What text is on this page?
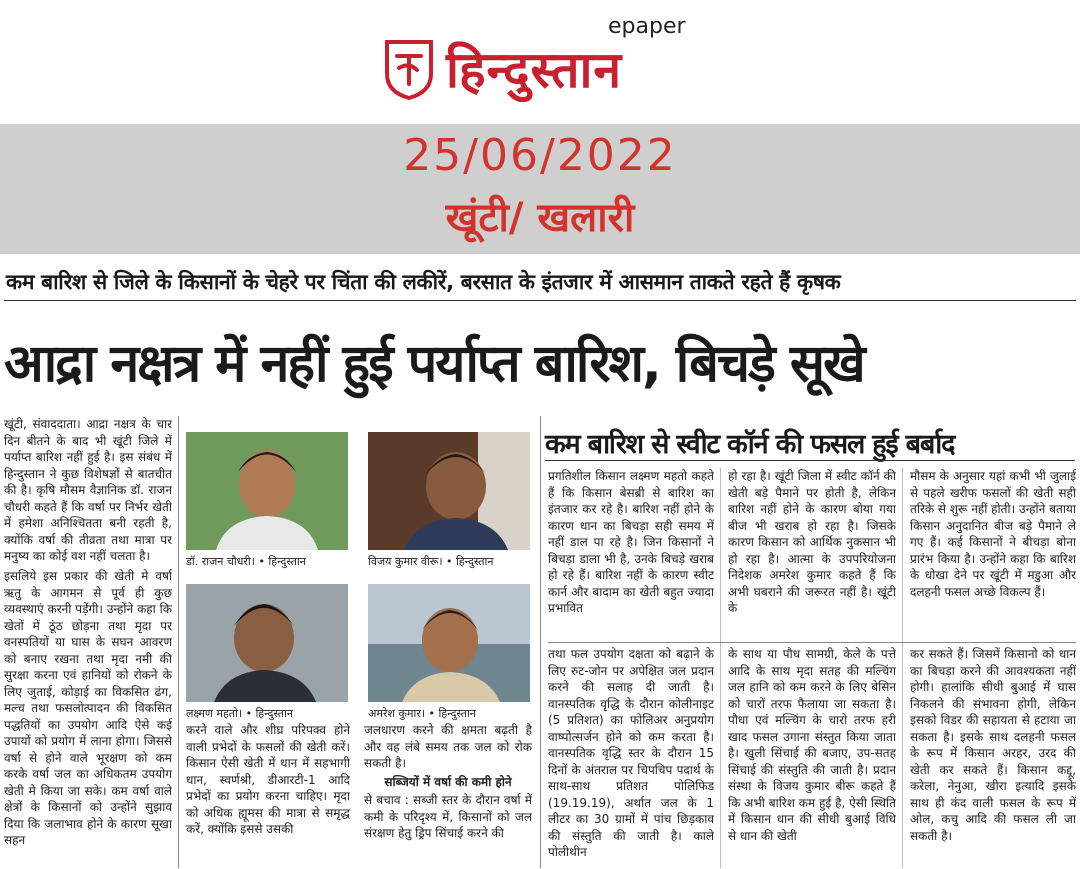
हिन्दुस्तान
epaper
25/06/2022
खूंटी/ खलारी
कम बारिश से जिले के किसानों के चेहरे पर चिंता की लकीरें, बरसात के इंतजार में आसमान ताकते रहते हैं कृषक
आद्रा नक्षत्र में नहीं हुई पर्याप्त बारिश, बिचड़े सूखे
कम बारिश से स्वीट कॉर्न की फसल हुई बर्बाद

खूंटी, संवाददाता। आद्रा नक्षत्र के चार दिन बीतने के बाद भी खूंटी जिले में पर्याप्त बारिश नहीं हुई है। इस संबंध में हिन्दुस्तान ने कुछ विशेषज्ञों से बातचीत की है। कृषि मौसम वैज्ञानिक डॉ. राजन चौधरी कहते हैं कि वर्षा पर निर्भर खेती में हमेशा अनिश्चितता बनी रहती है, क्योंकि वर्षा की तीव्रता तथा मात्रा पर मनुष्य का कोई वश नहीं चलता है।

इसलिये इस प्रकार की खेती मे वर्षा ऋतु के आगमन से पूर्व ही कुछ व्यवस्थाएं करनी पड़ेंगी। उन्होंने कहा कि खेतों में ठूंठ छोड़ना तथा मृदा पर वनस्पतियों या घास के सघन आवरण को बनाए रखना तथा मृदा नमी की सुरक्षा करना एवं हानियों को रोकने के लिए जुताई, कोड़ाई का विकसित ढंग, मल्च तथा फसलोत्पादन की विकसित पद्धतियों का उपयोग आदि ऐसे कई उपायों को प्रयोग में लाना होगा। जिससे वर्षा से होने वाले भूरक्षण को कम करके वर्षा जल का अधिकतम उपयोग खेती मे किया जा सके। कम वर्षा वाले क्षेत्रों के किसानों को उन्होंने सुझाव दिया कि जलाभाव होने के कारण सूखा सहन

डॉ. राजन चौधरी। • हिन्दुस्तान	विजय कुमार वीरू। • हिन्दुस्तान
लक्ष्मण महतो। • हिन्दुस्तान	अमरेश कुमार। • हिन्दुस्तान

करने वाले और शीघ्र परिपक्व होने वाली प्रभेदों के फसलों की खेती करें। किसान ऐसी खेती में धान में सहभागी धान, स्वर्णश्री, डीआरटी-1 आदि प्रभेदों का प्रयोग करना चाहिए। मृदा को अधिक ह्यूमस की मात्रा से समृद्ध करें, क्योंकि इससे उसकी

जलधारण करने की क्षमता बढ़ती है और वह लंबे समय तक जल को रोक सकती है।

सब्जियों में वर्षा की कमी होने

से बचाव : सब्जी स्तर के दौरान वर्षा में कमी के परिदृश्य में, किसानों को जल संरक्षण हेतु ड्रिप सिंचाई करने की

प्रगतिशील किसान लक्ष्मण महतो कहते हैं कि किसान बेसब्री से बारिश का इंतजार कर रहे है। बारिश नहीं होने के कारण धान का बिचड़ा सही समय में नहीं डाल पा रहे है। जिन किसानों ने बिचड़ा डाला भी है, उनके बिचड़े खराब हो रहे हैं। बारिश नहीं के कारण स्वीट कार्न और बादाम का खेती बहुत ज्यादा प्रभावित

हो रहा है। खूंटी जिला में स्वीट कॉर्न की खेती बड़े पैमाने पर होती है, लेकिन बारिश नहीं होने के कारण बोया गया बीज भी खराब हो रहा है। जिसके कारण किसान को आर्थिक नुकसान भी हो रहा है। आत्मा के उपपरियोजना निदेशक अमरेश कुमार कहते हैं कि अभी घबराने की जरूरत नहीं है। खूंटी के

मौसम के अनुसार यहां कभी भी जुलाई से पहले खरीफ फसलों की खेती सही तरिके से शुरू नहीं होती। उन्होंने बताया किसान अनुदानित बीज बड़े पैमाने ले गए हैं। कई किसानों ने बीचड़ा बोना प्रारंभ किया है। उन्होंने कहा कि बारिश के धोखा देने पर खूंटी में मडुआ और दलहनी फसल अच्छे विकल्प हैं।

तथा फल उपयोग दक्षता को बढ़ाने के लिए रुट-जोन पर अपेक्षित जल प्रदान करने की सलाह दी जाती है। वानस्पतिक वृद्धि के दौरान कोलीनाइट (5 प्रतिशत) का फोलिअर अनुप्रयोग वाष्पोत्सर्जन होने को कम करता है। वानस्पतिक वृद्धि स्तर के दौरान 15 दिनों के अंतराल पर चिपचिप पदार्थ के साथ-साथ प्रतिशत पोलिफिड (19.19.19), अर्थात जल के 1 लीटर का 30 ग्रामों में पांच छिड़काव की संस्तुति की जाती है। काले पोलीथीन

के साथ या पौध सामग्री, केले के पत्ते आदि के साथ मृदा सतह की मल्चिंग जल हानि को कम करने के लिए बेसिन को चारों तरफ फैलाया जा सकता है। पौधा एवं मल्चिंग के चारो तरफ हरी खाद फसल उगाना संस्तुत किया जाता है। खुली सिंचाई की बजाए, उप-सतह सिंचाई की संस्तुति की जाती है। प्रदान संस्था के विजय कुमार बीरू कहते हैं कि अभी बारिश कम हुई है, ऐसी स्थिति में किसान धान की सीधी बुआई विधि से धान की खेती

कर सकते हैं। जिसमें किसानो को धान का बिचड़ा करने की आवश्यकता नहीं होगी। हालांकि सीधी बुआई में घास निकलने की संभावना होगी, लेकिन इसको विडर की सहायता से हटाया जा सकता है। इसके साथ दलहनी फसल के रूप में किसान अरहर, उरद की खेती कर सकते हैं। किसान कद्दू, करेला, नेनुआ, खीरा इत्यादि इसके साथ ही कंद वाली फसल के रूप में ओल, कचु आदि की फसल ली जा सकती है।
